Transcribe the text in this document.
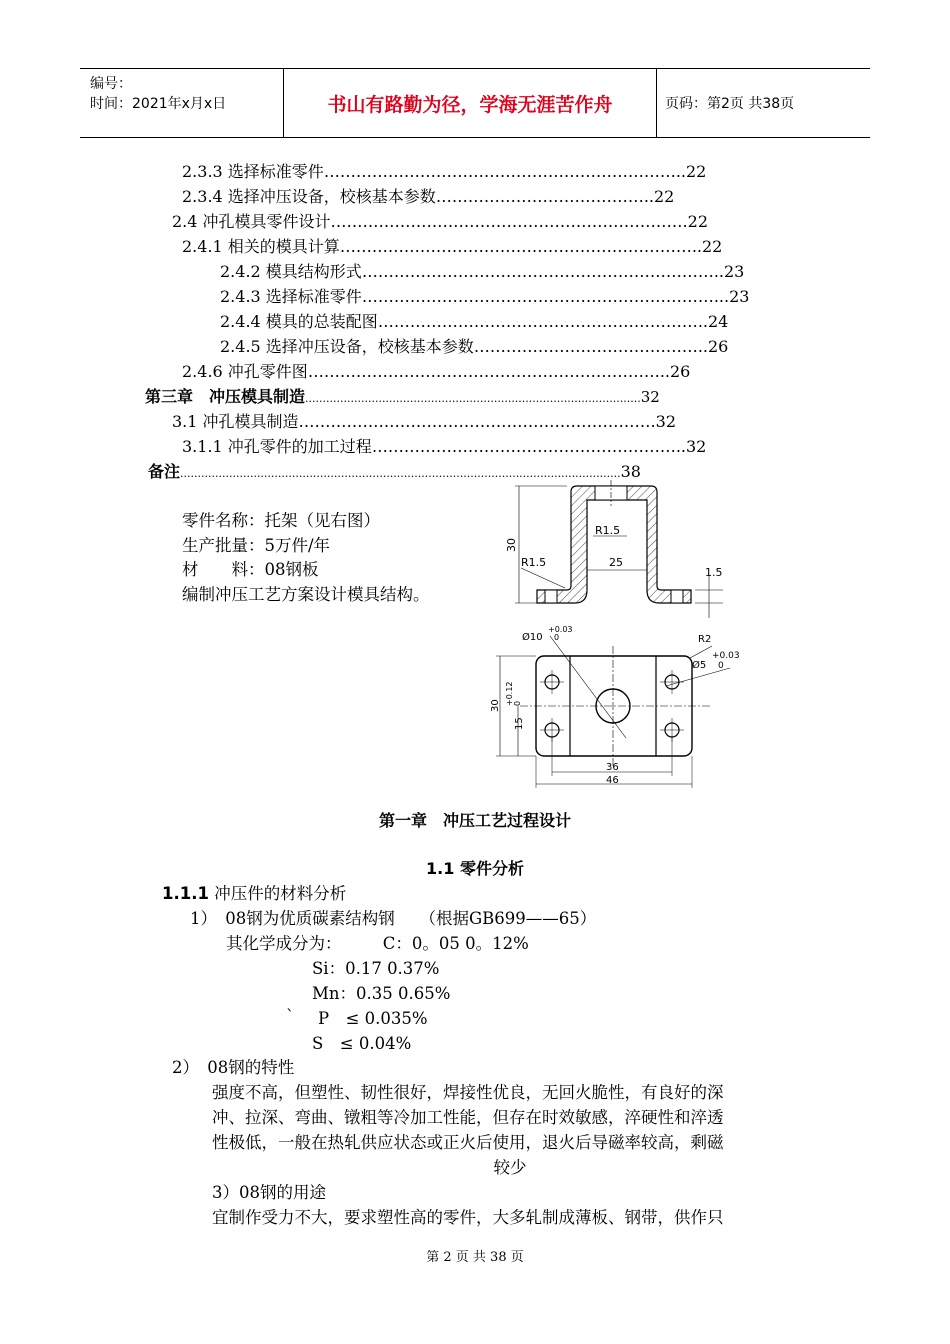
编号：
时间：2021年x月x日	书山有路勤为径，学海无涯苦作舟	页码：第2页 共38页
2.3.3 选择标准零件…………………………………………………………..22
2.3.4 选择冲压设备，校核基本参数…………………………………..22
2.4 冲孔模具零件设计………………………………………………………….22
2.4.1 相关的模具计算…………………………………………………………..22
2.4.2 模具结构形式…………………………………………………………..23
2.4.3 选择标准零件…………………………………………………………...23
2.4.4 模具的总装配图……………………………………………………..24
2.4.5 选择冲压设备，校核基本参数……………………………………..26
2.4.6 冲孔零件图…………………………………………………………..26
第三章　冲压模具制造................................................................................................32
3.1 冲孔模具制造………………………………………………………….32
3.1.1 冲孔零件的加工过程…………………………………………………..32
备注..............................................................................................................................38
零件名称：托架（见右图）
生产批量：5万件/年
材　　料：08钢板
编制冲压工艺方案设计模具结构。
30
25
R1.5
R1.5
1.5
Ø10
+0.03
0	R2
+0.03
Ø5 0
30
15
+0.12 0
36
46
第一章　冲压工艺过程设计
1.1 零件分析
1.1.1 冲压件的材料分析
1）　08钢为优质碳素结构钢　　（根据GB699——65）
其化学成分为：　　　C：0。05 0。12%
Si：0.17 0.37%
Mn：0.35 0.65%
` P　≤ 0.035%
S　≤ 0.04%
2）　08钢的特性
强度不高，但塑性、韧性很好，焊接性优良，无回火脆性，有良好的深
冲、拉深、弯曲、镦粗等冷加工性能，但存在时效敏感，淬硬性和淬透
性极低，一般在热轧供应状态或正火后使用，退火后导磁率较高，剩磁
较少
3）08钢的用途
宜制作受力不大，要求塑性高的零件，大多轧制成薄板、钢带，供作只
第 2 页 共 38 页
